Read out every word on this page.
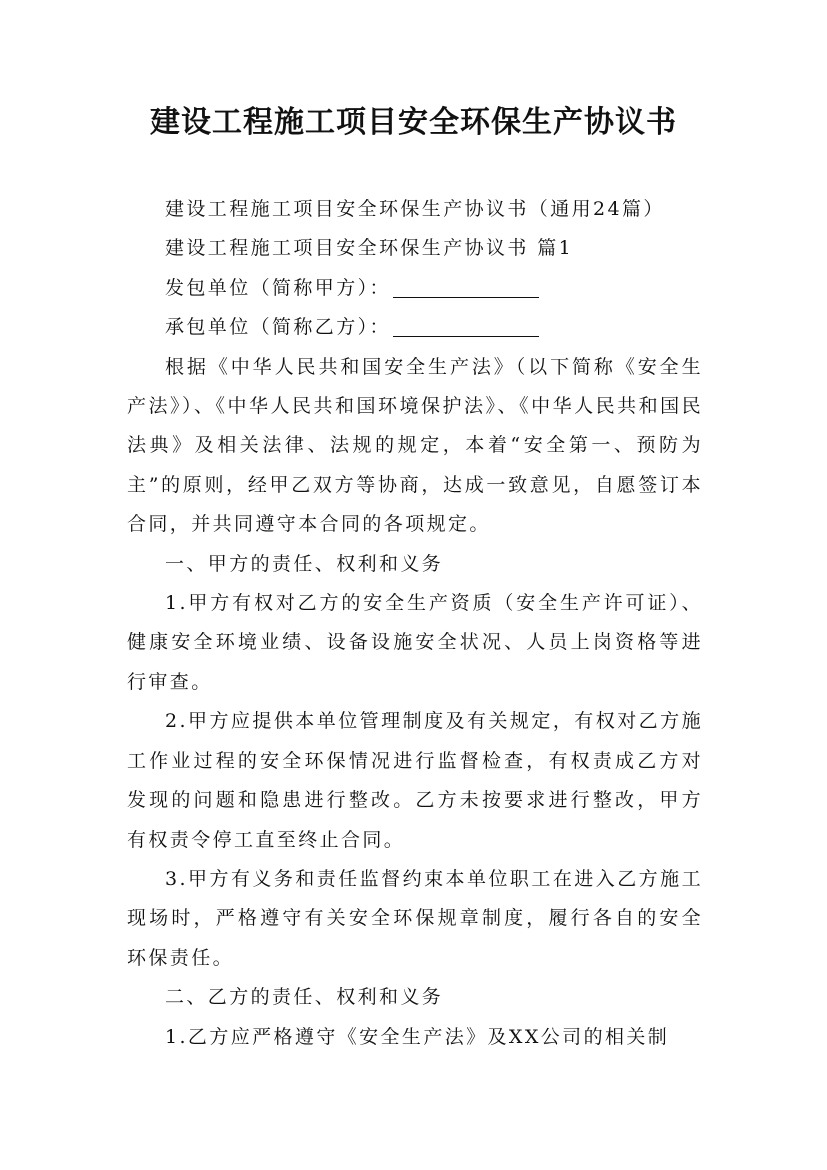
建设工程施工项目安全环保生产协议书

建设工程施工项目安全环保生产协议书（通用24篇）

建设工程施工项目安全环保生产协议书 篇1

发包单位（简称甲方）：

承包单位（简称乙方）：

根据《中华人民共和国安全生产法》（以下简称《安全生产法》）、《中华人民共和国环境保护法》、《中华人民共和国民法典》及相关法律、法规的规定，本着“安全第一、预防为主”的原则，经甲乙双方等协商，达成一致意见，自愿签订本合同，并共同遵守本合同的各项规定。

一、甲方的责任、权利和义务

1.甲方有权对乙方的安全生产资质（安全生产许可证）、健康安全环境业绩、设备设施安全状况、人员上岗资格等进行审查。

2.甲方应提供本单位管理制度及有关规定，有权对乙方施工作业过程的安全环保情况进行监督检查，有权责成乙方对发现的问题和隐患进行整改。乙方未按要求进行整改，甲方有权责令停工直至终止合同。

3.甲方有义务和责任监督约束本单位职工在进入乙方施工现场时，严格遵守有关安全环保规章制度，履行各自的安全环保责任。

二、乙方的责任、权利和义务

1.乙方应严格遵守《安全生产法》及XX公司的相关制
